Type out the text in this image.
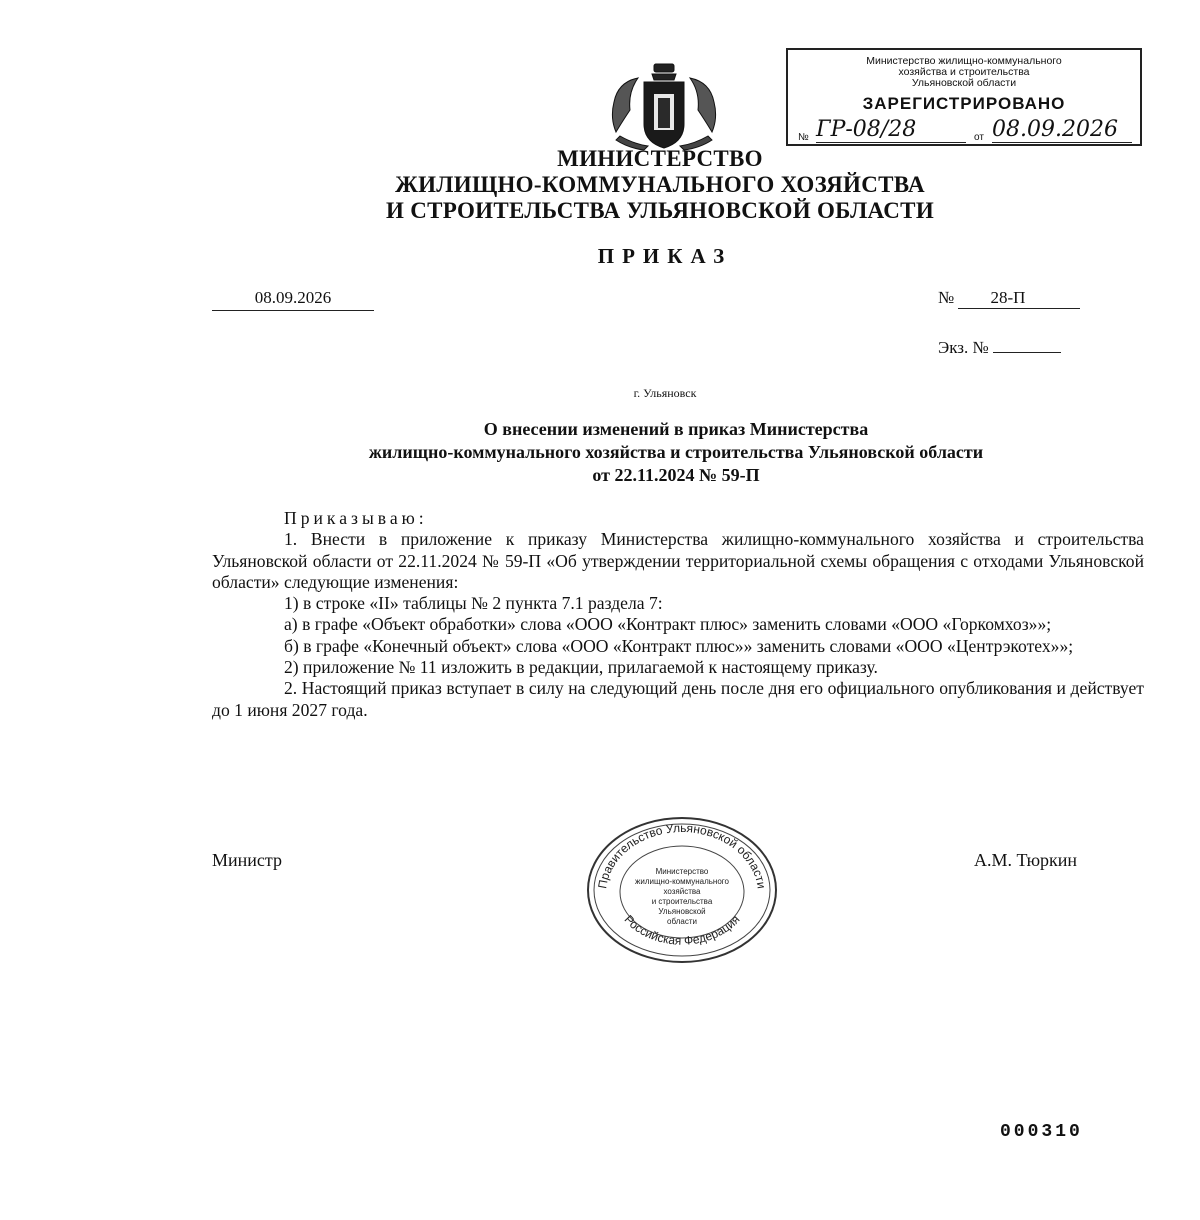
Министерство жилищно-коммунального
хозяйства и строительства
Ульяновской области
ЗАРЕГИСТРИРОВАНО
№ ГР-08/28	от 08.09.2026
МИНИСТЕРСТВО
ЖИЛИЩНО-КОММУНАЛЬНОГО ХОЗЯЙСТВА
И СТРОИТЕЛЬСТВА УЛЬЯНОВСКОЙ ОБЛАСТИ
ПРИКАЗ
08.09.2026	№ 28-П
Экз. №
г. Ульяновск
О внесении изменений в приказ Министерства
жилищно-коммунального хозяйства и строительства Ульяновской области
от 22.11.2024 № 59-П

Приказываю:

1. Внести в приложение к приказу Министерства жилищно-коммунального хозяйства и строительства Ульяновской области от 22.11.2024 № 59-П «Об утверждении территориальной схемы обращения с отходами Ульяновской области» следующие изменения:

1) в строке «II» таблицы № 2 пункта 7.1 раздела 7:

а) в графе «Объект обработки» слова «ООО «Контракт плюс» заменить словами «ООО «Горкомхоз»»;

б) в графе «Конечный объект» слова «ООО «Контракт плюс»» заменить словами «ООО «Центрэкотех»»;

2) приложение № 11 изложить в редакции, прилагаемой к настоящему приказу.

2. Настоящий приказ вступает в силу на следующий день после дня его официального опубликования и действует до 1 июня 2027 года.

Министр	А.М. Тюркин
Правительство Ульяновской области
Российская Федерация
Министерство
жилищно-коммунального
хозяйства
и строительства
Ульяновской
области
000310
